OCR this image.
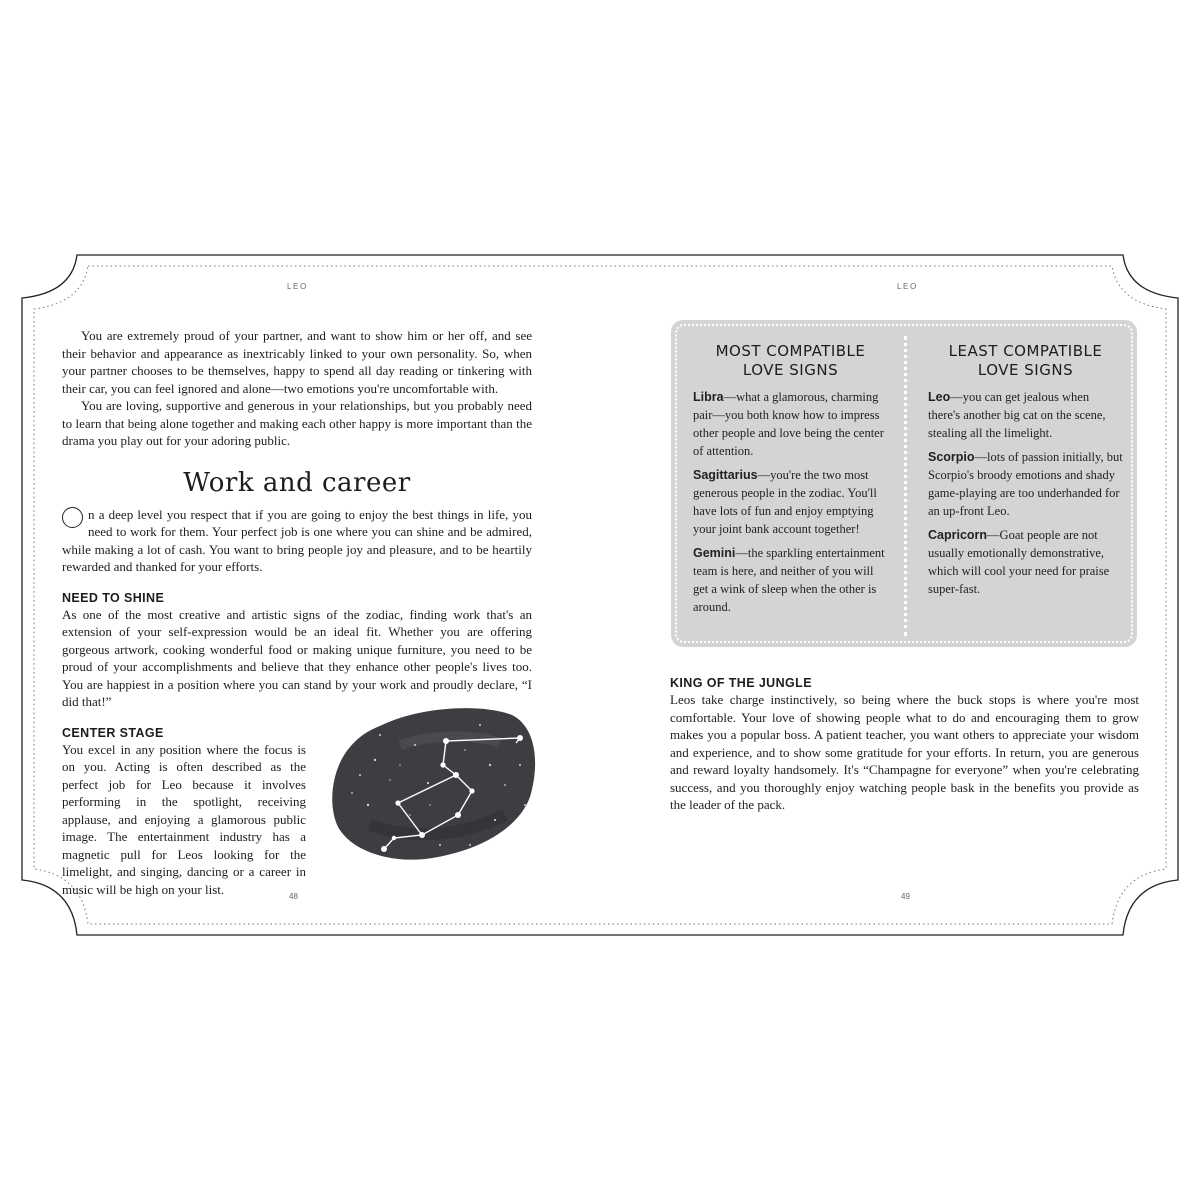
LEO	LEO

You are extremely proud of your partner, and want to show him or her off, and see their behavior and appearance as inextricably linked to your own personality. So, when your partner chooses to be themselves, happy to spend all day reading or tinkering with their car, you can feel ignored and alone—two emotions you're uncomfortable with.

You are loving, supportive and generous in your relationships, but you probably need to learn that being alone together and making each other happy is more important than the drama you play out for your adoring public.

Work and career

n a deep level you respect that if you are going to enjoy the best things in life, you need to work for them. Your perfect job is one where you can shine and be admired, while making a lot of cash. You want to bring people joy and pleasure, and to be heartily rewarded and thanked for your efforts.

NEED TO SHINE

As one of the most creative and artistic signs of the zodiac, finding work that's an extension of your self-expression would be an ideal fit. Whether you are offering gorgeous artwork, cooking wonderful food or making unique furniture, you need to be proud of your accomplishments and believe that they enhance other people's lives too. You are happiest in a position where you can stand by your work and proudly declare, “I did that!”

CENTER STAGE

You excel in any position where the focus is on you. Acting is often described as the perfect job for Leo because it involves performing in the spotlight, receiving applause, and enjoying a glamorous public image. The entertainment industry has a magnetic pull for Leos looking for the limelight, and singing, dancing or a career in music will be high on your list.

MOST COMPATIBLE
LOVE SIGNS

Libra—what a glamorous, charming pair—you both know how to impress other people and love being the center of attention.

Sagittarius—you're the two most generous people in the zodiac. You'll have lots of fun and enjoy emptying your joint bank account together!

Gemini—the sparkling entertainment team is here, and neither of you will get a wink of sleep when the other is around.

LEAST COMPATIBLE
LOVE SIGNS

Leo—you can get jealous when there's another big cat on the scene, stealing all the limelight.

Scorpio—lots of passion initially, but Scorpio's broody emotions and shady game-playing are too underhanded for an up-front Leo.

Capricorn—Goat people are not usually emotionally demonstrative, which will cool your need for praise super-fast.

KING OF THE JUNGLE

Leos take charge instinctively, so being where the buck stops is where you're most comfortable. Your love of showing people what to do and encouraging them to grow makes you a popular boss. A patient teacher, you want others to appreciate your wisdom and experience, and to show some gratitude for your efforts. In return, you are generous and reward loyalty handsomely. It's “Champagne for everyone” when you're celebrating success, and you thoroughly enjoy watching people bask in the benefits you provide as the leader of the pack.

48	49
